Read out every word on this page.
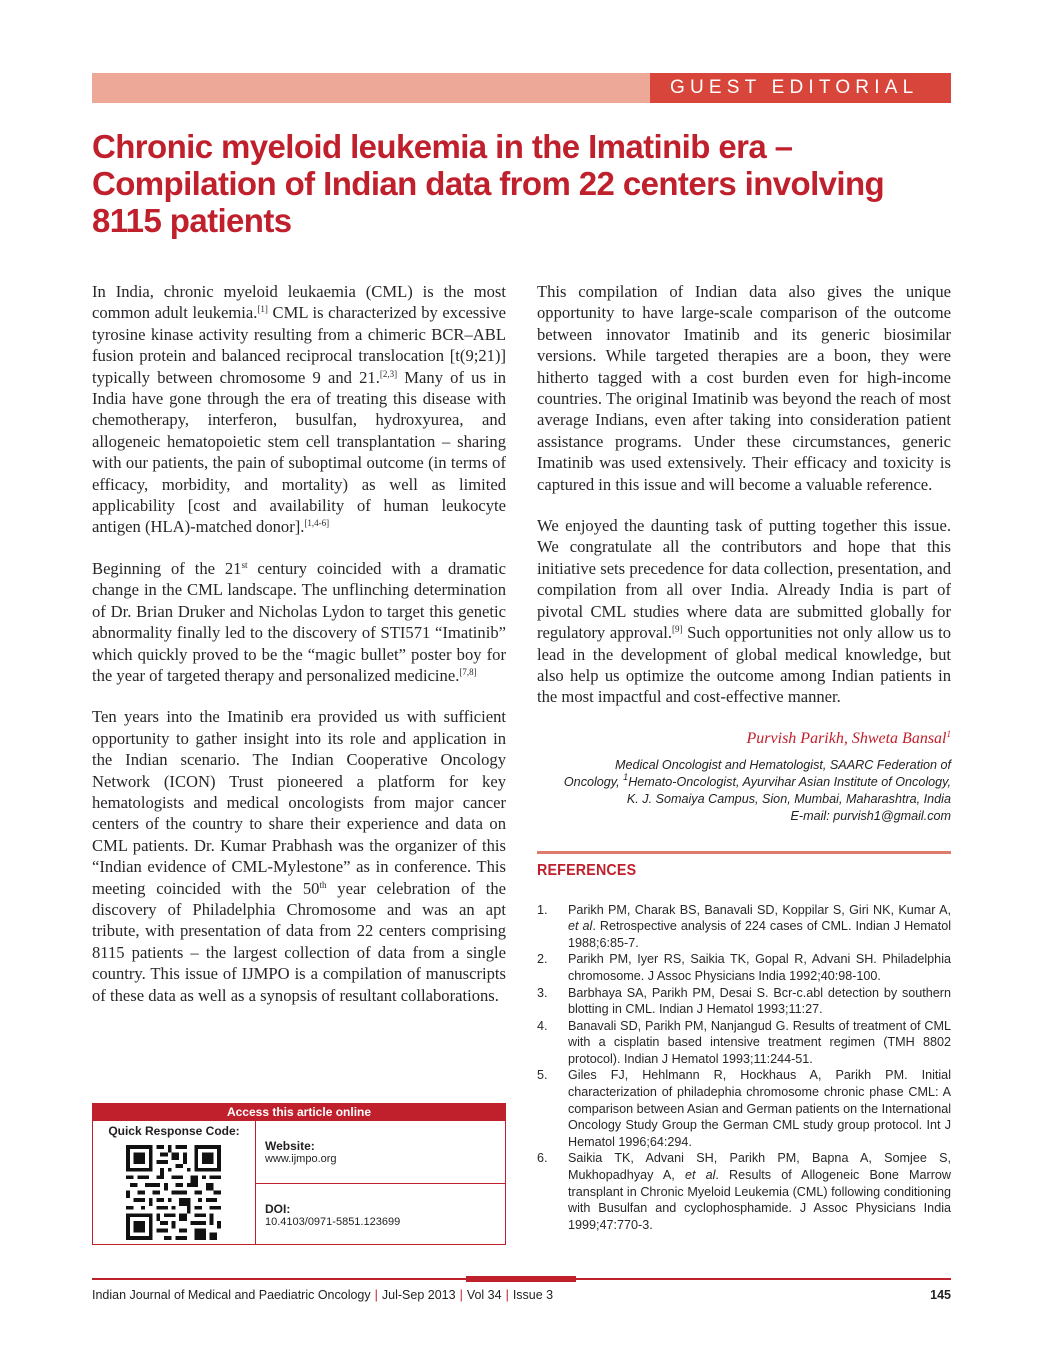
GUEST EDITORIAL
Chronic myeloid leukemia in the Imatinib era – Compilation of Indian data from 22 centers involving 8115 patients

In India, chronic myeloid leukaemia (CML) is the most common adult leukemia.[1] CML is characterized by excessive tyrosine kinase activity resulting from a chimeric BCR–ABL fusion protein and balanced reciprocal translocation [t(9;21)] typically between chromosome 9 and 21.[2,3] Many of us in India have gone through the era of treating this disease with chemotherapy, interferon, busulfan, hydroxyurea, and allogeneic hematopoietic stem cell transplantation – sharing with our patients, the pain of suboptimal outcome (in terms of efficacy, morbidity, and mortality) as well as limited applicability [cost and availability of human leukocyte antigen (HLA)-matched donor].[1,4-6]

Beginning of the 21st century coincided with a dramatic change in the CML landscape. The unflinching determination of Dr. Brian Druker and Nicholas Lydon to target this genetic abnormality finally led to the discovery of STI571 “Imatinib” which quickly proved to be the “magic bullet” poster boy for the year of targeted therapy and personalized medicine.[7,8]

Ten years into the Imatinib era provided us with sufficient opportunity to gather insight into its role and application in the Indian scenario. The Indian Cooperative Oncology Network (ICON) Trust pioneered a platform for key hematologists and medical oncologists from major cancer centers of the country to share their experience and data on CML patients. Dr. Kumar Prabhash was the organizer of this “Indian evidence of CML-Mylestone” as in conference. This meeting coincided with the 50th year celebration of the discovery of Philadelphia Chromosome and was an apt tribute, with presentation of data from 22 centers comprising 8115 patients – the largest collection of data from a single country. This issue of IJMPO is a compilation of manuscripts of these data as well as a synopsis of resultant collaborations.

Access this article online
Quick Response Code:
Website:
www.ijmpo.org
DOI:
10.4103/0971-5851.123699

This compilation of Indian data also gives the unique opportunity to have large-scale comparison of the outcome between innovator Imatinib and its generic biosimilar versions. While targeted therapies are a boon, they were hitherto tagged with a cost burden even for high-income countries. The original Imatinib was beyond the reach of most average Indians, even after taking into consideration patient assistance programs. Under these circumstances, generic Imatinib was used extensively. Their efficacy and toxicity is captured in this issue and will become a valuable reference.

We enjoyed the daunting task of putting together this issue. We congratulate all the contributors and hope that this initiative sets precedence for data collection, presentation, and compilation from all over India. Already India is part of pivotal CML studies where data are submitted globally for regulatory approval.[9] Such opportunities not only allow us to lead in the development of global medical knowledge, but also help us optimize the outcome among Indian patients in the most impactful and cost-effective manner.

Purvish Parikh, Shweta Bansal$^1$
Medical Oncologist and Hematologist, SAARC Federation of
Oncology, $^1$Hemato-Oncologist, Ayurvihar Asian Institute of Oncology,
K. J. Somaiya Campus, Sion, Mumbai, Maharashtra, India
E-mail: purvish1@gmail.com
REFERENCES
1. Parikh PM, Charak BS, Banavali SD, Koppilar S, Giri NK, Kumar A, et al. Retrospective analysis of 224 cases of CML. Indian J Hematol 1988;6:85-7.
2. Parikh PM, Iyer RS, Saikia TK, Gopal R, Advani SH. Philadelphia chromosome. J Assoc Physicians India 1992;40:98-100.
3. Barbhaya SA, Parikh PM, Desai S. Bcr-c.abl detection by southern blotting in CML. Indian J Hematol 1993;11:27.
4. Banavali SD, Parikh PM, Nanjangud G. Results of treatment of CML with a cisplatin based intensive treatment regimen (TMH 8802 protocol). Indian J Hematol 1993;11:244-51.
5. Giles FJ, Hehlmann R, Hockhaus A, Parikh PM. Initial characterization of philadephia chromosome chronic phase CML: A comparison between Asian and German patients on the International Oncology Study Group the German CML study group protocol. Int J Hematol 1996;64:294.
6. Saikia TK, Advani SH, Parikh PM, Bapna A, Somjee S, Mukhopadhyay A, et al. Results of Allogeneic Bone Marrow transplant in Chronic Myeloid Leukemia (CML) following conditioning with Busulfan and cyclophosphamide. J Assoc Physicians India 1999;47:770-3.
Indian Journal of Medical and Paediatric Oncology | Jul-Sep 2013 | Vol 34 | Issue 3	145
